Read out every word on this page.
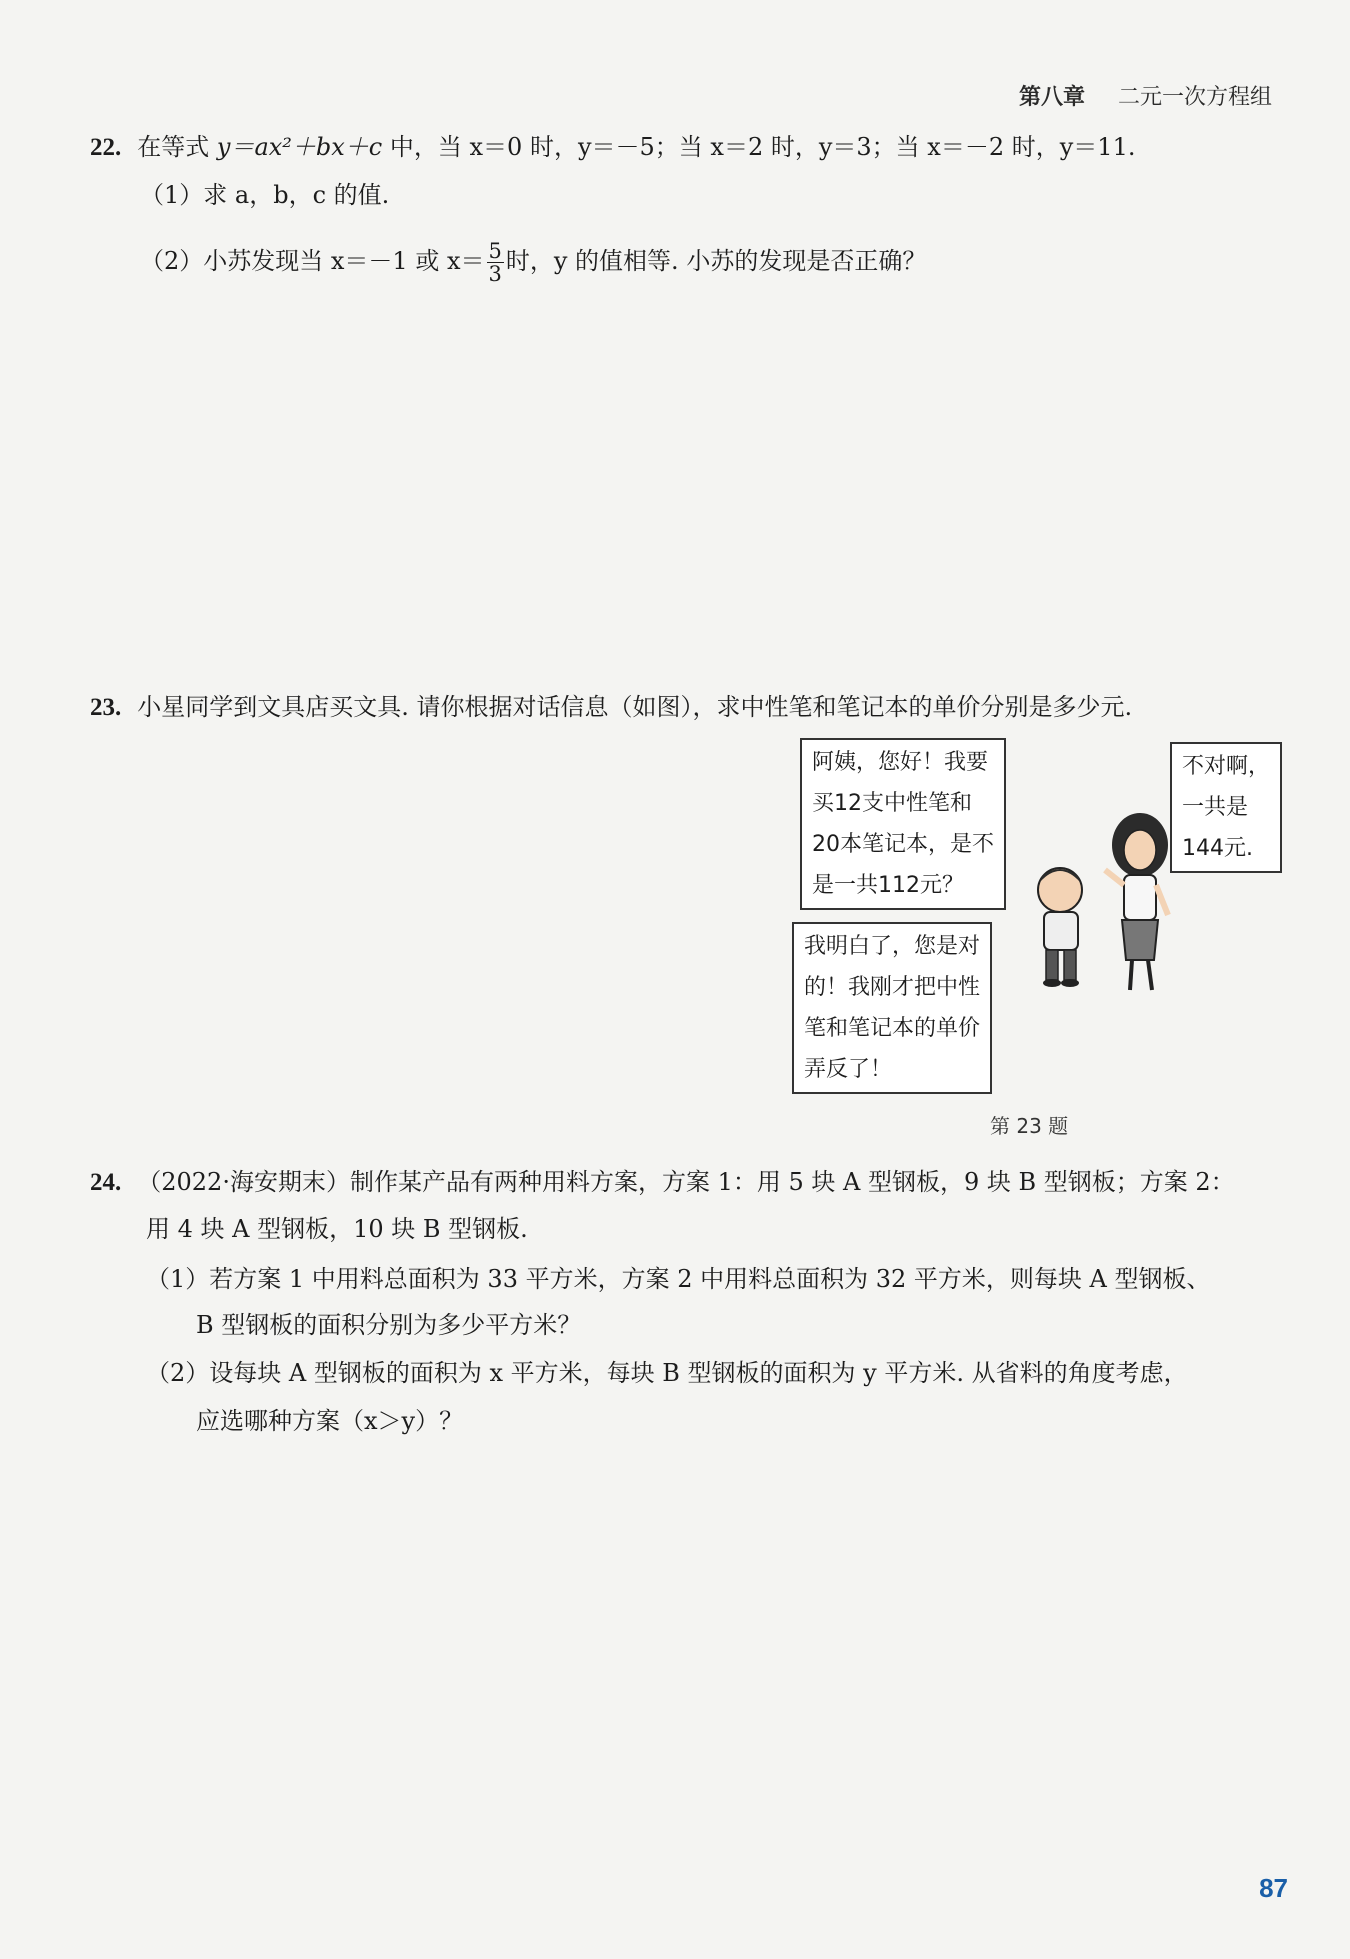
第八章 二元一次方程组
22. 在等式 y＝ax²＋bx＋c 中，当 x＝0 时，y＝－5；当 x＝2 时，y＝3；当 x＝－2 时，y＝11.
（1）求 a，b，c 的值.
（2）小苏发现当 x＝－1 或 $x= \frac{5}{3}$ 时，y 的值相等. 小苏的发现是否正确？
23. 小星同学到文具店买文具. 请你根据对话信息（如图），求中性笔和笔记本的单价分别是多少元.
阿姨，您好！我要
买12支中性笔和
20本笔记本，是不
是一共112元？
不对啊，
一共是
144元.
我明白了，您是对
的！我刚才把中性
笔和笔记本的单价
弄反了！
第 23 题
24. （2022·海安期末）制作某产品有两种用料方案，方案 1：用 5 块 A 型钢板，9 块 B 型钢板；方案 2：
用 4 块 A 型钢板，10 块 B 型钢板.
（1）若方案 1 中用料总面积为 33 平方米，方案 2 中用料总面积为 32 平方米，则每块 A 型钢板、
B 型钢板的面积分别为多少平方米？
（2）设每块 A 型钢板的面积为 x 平方米，每块 B 型钢板的面积为 y 平方米. 从省料的角度考虑，
应选哪种方案（x＞y）？
87
